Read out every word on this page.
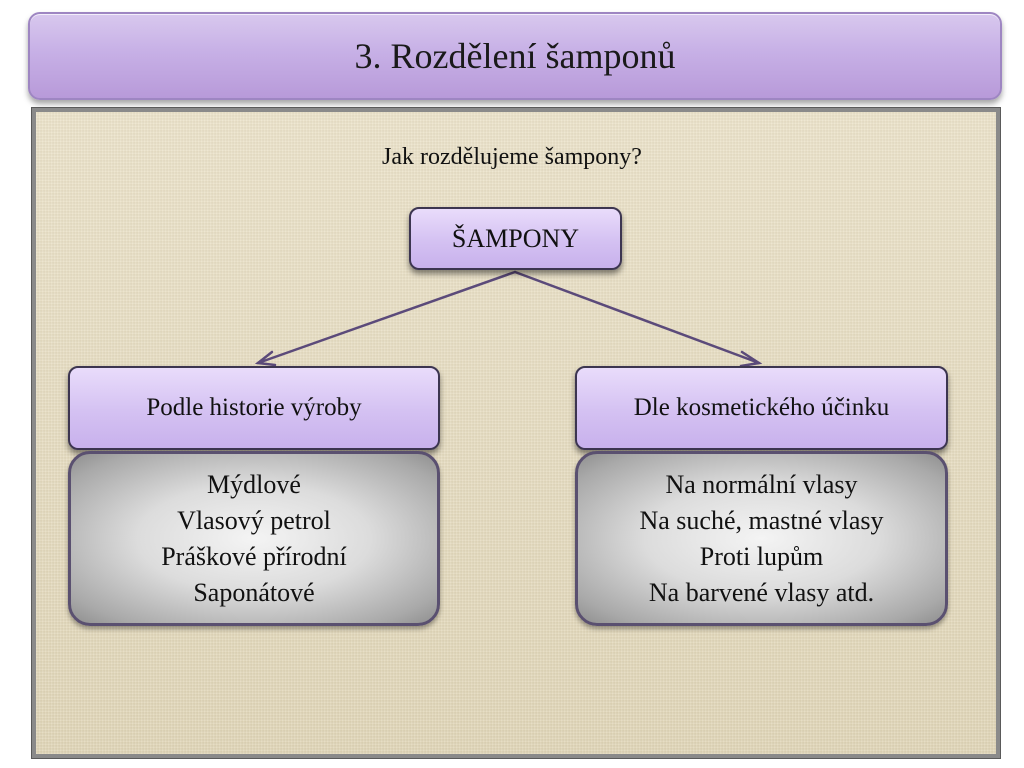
3. Rozdělení šamponů
Jak rozdělujeme šampony?
ŠAMPONY
Podle historie výroby	Dle kosmetického účinku
Mýdlové
Vlasový petrol
Práškové přírodní
Saponátové
Na normální vlasy
Na suché, mastné vlasy
Proti lupům
Na barvené vlasy atd.
